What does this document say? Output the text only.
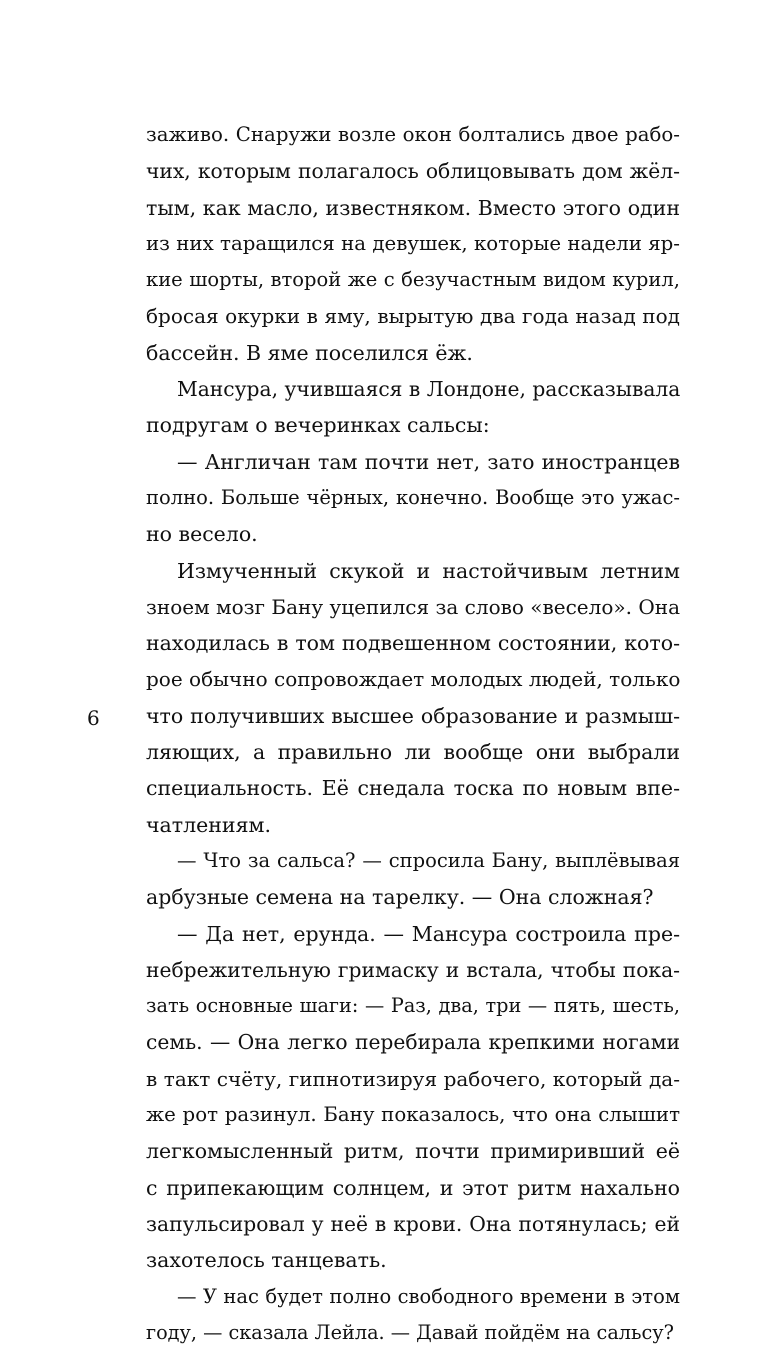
6
заживо. Снаружи возле окон болтались двое рабо-
чих, которым полагалось облицовывать дом жёл-
тым, как масло, известняком. Вместо этого один
из них таращился на девушек, которые надели яр-
кие шорты, второй же с безучастным видом курил,
бросая окурки в яму, вырытую два года назад под
бассейн. В яме поселился ёж.
Мансура, учившаяся в Лондоне, рассказывала
подругам о вечеринках сальсы:
— Англичан там почти нет, зато иностранцев
полно. Больше чёрных, конечно. Вообще это ужас-
но весело.
Измученный скукой и настойчивым летним
зноем мозг Бану уцепился за слово «весело». Она
находилась в том подвешенном состоянии, кото-
рое обычно сопровождает молодых людей, только
что получивших высшее образование и размыш-
ляющих, а правильно ли вообще они выбрали
специальность. Её снедала тоска по новым впе-
чатлениям.
— Что за сальса? — спросила Бану, выплёвывая
арбузные семена на тарелку. — Она сложная?
— Да нет, ерунда. — Мансура состроила пре-
небрежительную гримаску и встала, чтобы пока-
зать основные шаги: — Раз, два, три — пять, шесть,
семь. — Она легко перебирала крепкими ногами
в такт счёту, гипнотизируя рабочего, который да-
же рот разинул. Бану показалось, что она слышит
легкомысленный ритм, почти примиривший её
с припекающим солнцем, и этот ритм нахально
запульсировал у неё в крови. Она потянулась; ей
захотелось танцевать.
— У нас будет полно свободного времени в этом
году, — сказала Лейла. — Давай пойдём на сальсу?
